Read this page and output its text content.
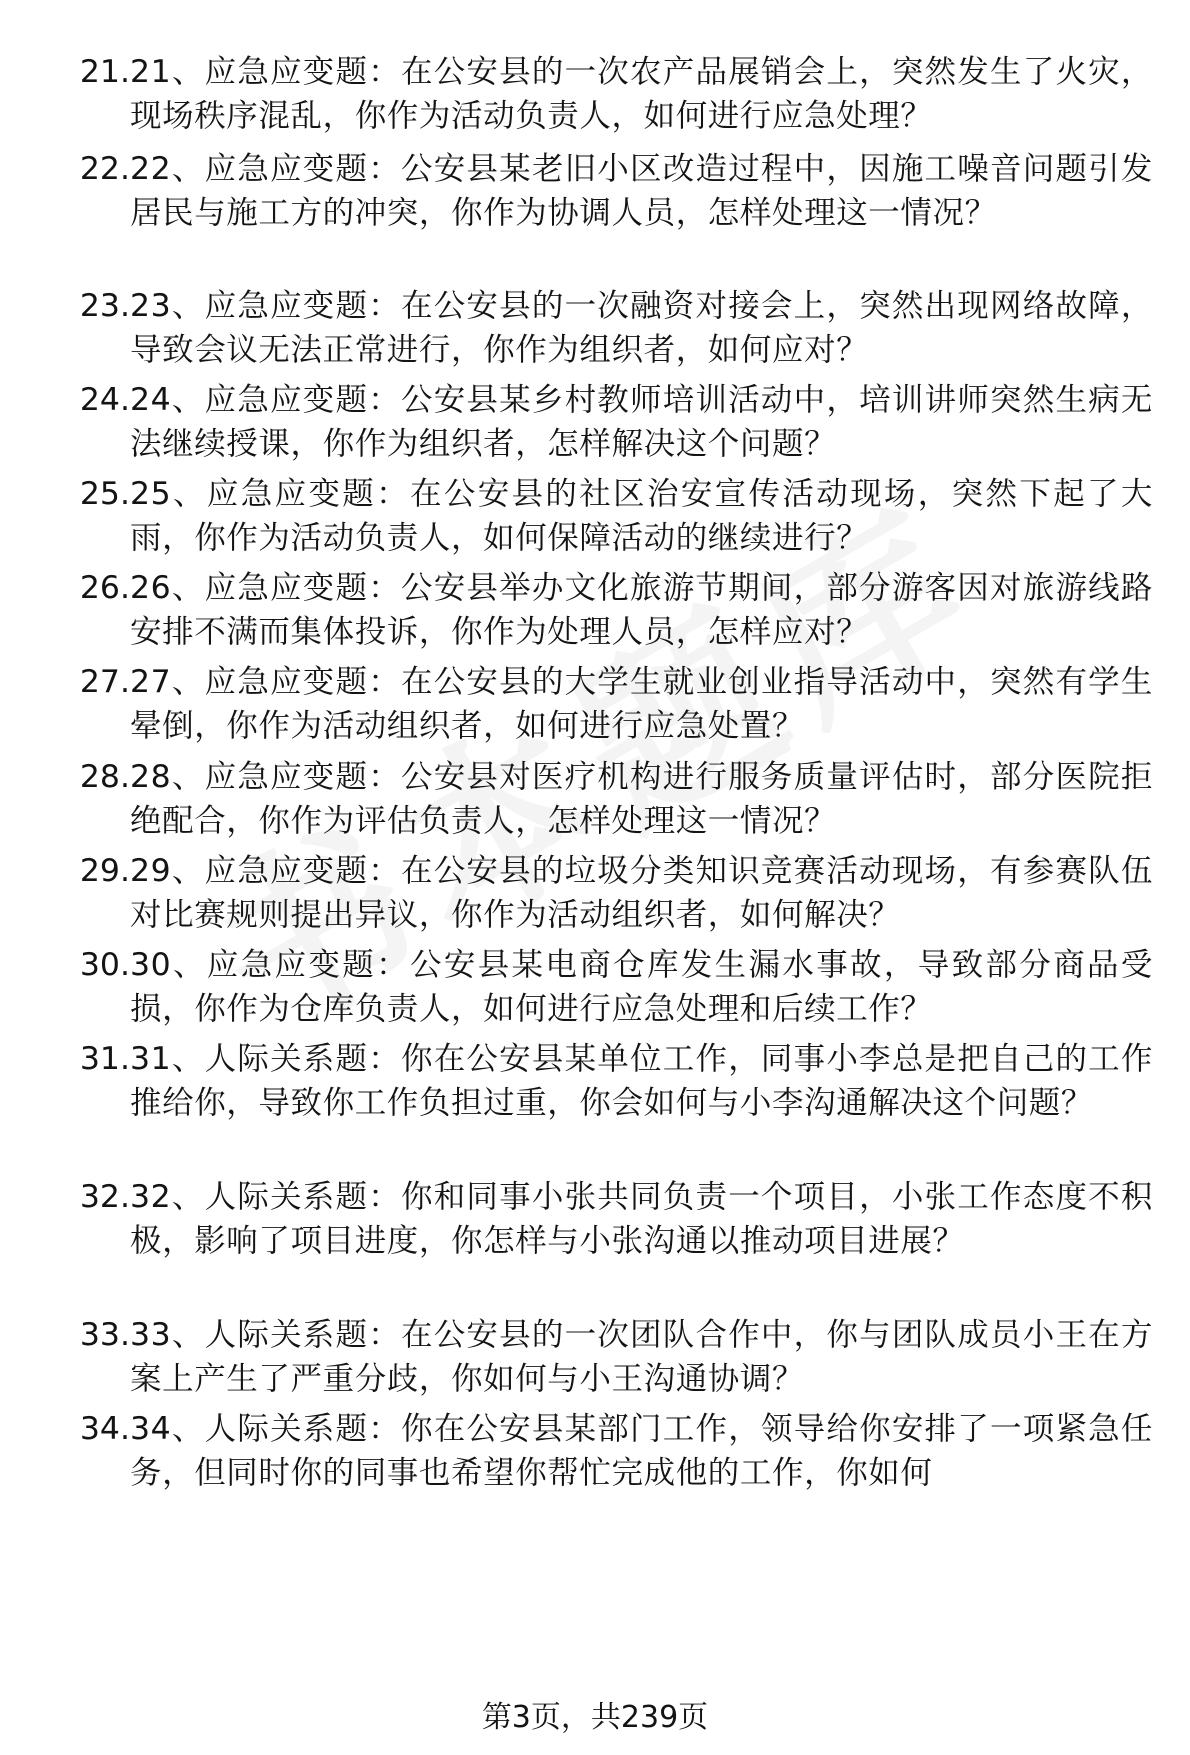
21. 21、应急应变题：在公安县的一次农产品展销会上，突然发生了火灾，现场秩序混乱，你作为活动负责人，如何进行应急处理？
22. 22、应急应变题：公安县某老旧小区改造过程中，因施工噪音问题引发居民与施工方的冲突，你作为协调人员，怎样处理这一情况？
23. 23、应急应变题：在公安县的一次融资对接会上，突然出现网络故障，导致会议无法正常进行，你作为组织者，如何应对？
24. 24、应急应变题：公安县某乡村教师培训活动中，培训讲师突然生病无法继续授课，你作为组织者，怎样解决这个问题？
25. 25、应急应变题：在公安县的社区治安宣传活动现场，突然下起了大雨，你作为活动负责人，如何保障活动的继续进行？
26. 26、应急应变题：公安县举办文化旅游节期间，部分游客因对旅游线路安排不满而集体投诉，你作为处理人员，怎样应对？
27. 27、应急应变题：在公安县的大学生就业创业指导活动中，突然有学生晕倒，你作为活动组织者，如何进行应急处置？
28. 28、应急应变题：公安县对医疗机构进行服务质量评估时，部分医院拒绝配合，你作为评估负责人，怎样处理这一情况？
29. 29、应急应变题：在公安县的垃圾分类知识竞赛活动现场，有参赛队伍对比赛规则提出异议，你作为活动组织者，如何解决？
30. 30、应急应变题：公安县某电商仓库发生漏水事故，导致部分商品受损，你作为仓库负责人，如何进行应急处理和后续工作？
31. 31、人际关系题：你在公安县某单位工作，同事小李总是把自己的工作推给你，导致你工作负担过重，你会如何与小李沟通解决这个问题？
32. 32、人际关系题：你和同事小张共同负责一个项目，小张工作态度不积极，影响了项目进度，你怎样与小张沟通以推动项目进展？
33. 33、人际关系题：在公安县的一次团队合作中，你与团队成员小王在方案上产生了严重分歧，你如何与小王沟通协调？
34. 34、人际关系题：你在公安县某部门工作，领导给你安排了一项紧急任务，但同时你的同事也希望你帮忙完成他的工作，你如何
第3页，共239页
